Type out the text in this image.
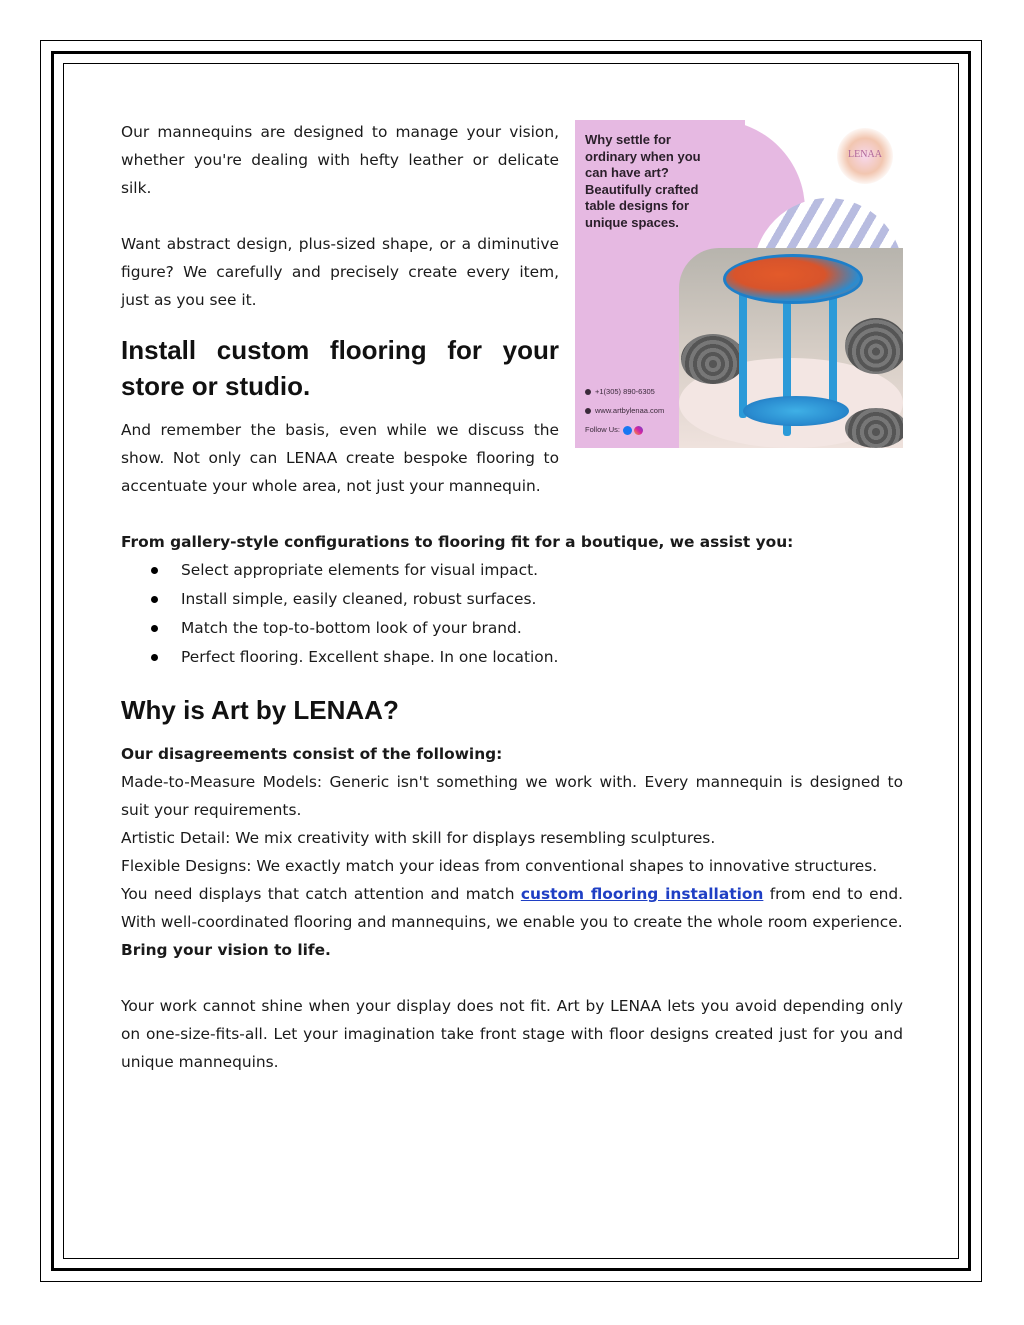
LENAA
Why settle for ordinary when you can have art? Beautifully crafted table designs for unique spaces.
+1(305) 890-6305
www.artbylenaa.com
Follow Us:

Our mannequins are designed to manage your vision, whether you're dealing with hefty leather or delicate silk.

Want abstract design, plus-sized shape, or a diminutive figure? We carefully and precisely create every item, just as you see it.

Install custom flooring for your store or studio.

And remember the basis, even while we discuss the show. Not only can LENAA create bespoke flooring to accentuate your whole area, not just your mannequin.

From gallery-style configurations to flooring fit for a boutique, we assist you:

Select appropriate elements for visual impact.
Install simple, easily cleaned, robust surfaces.
Match the top-to-bottom look of your brand.
Perfect flooring. Excellent shape. In one location.
Why is Art by LENAA?

Our disagreements consist of the following:

Made-to-Measure Models: Generic isn't something we work with. Every mannequin is designed to suit your requirements.

Artistic Detail: We mix creativity with skill for displays resembling sculptures.

Flexible Designs: We exactly match your ideas from conventional shapes to innovative structures.

You need displays that catch attention and match custom flooring installation from end to end. With well-coordinated flooring and mannequins, we enable you to create the whole room experience.

Bring your vision to life.

Your work cannot shine when your display does not fit. Art by LENAA lets you avoid depending only on one-size-fits-all. Let your imagination take front stage with floor designs created just for you and unique mannequins.
